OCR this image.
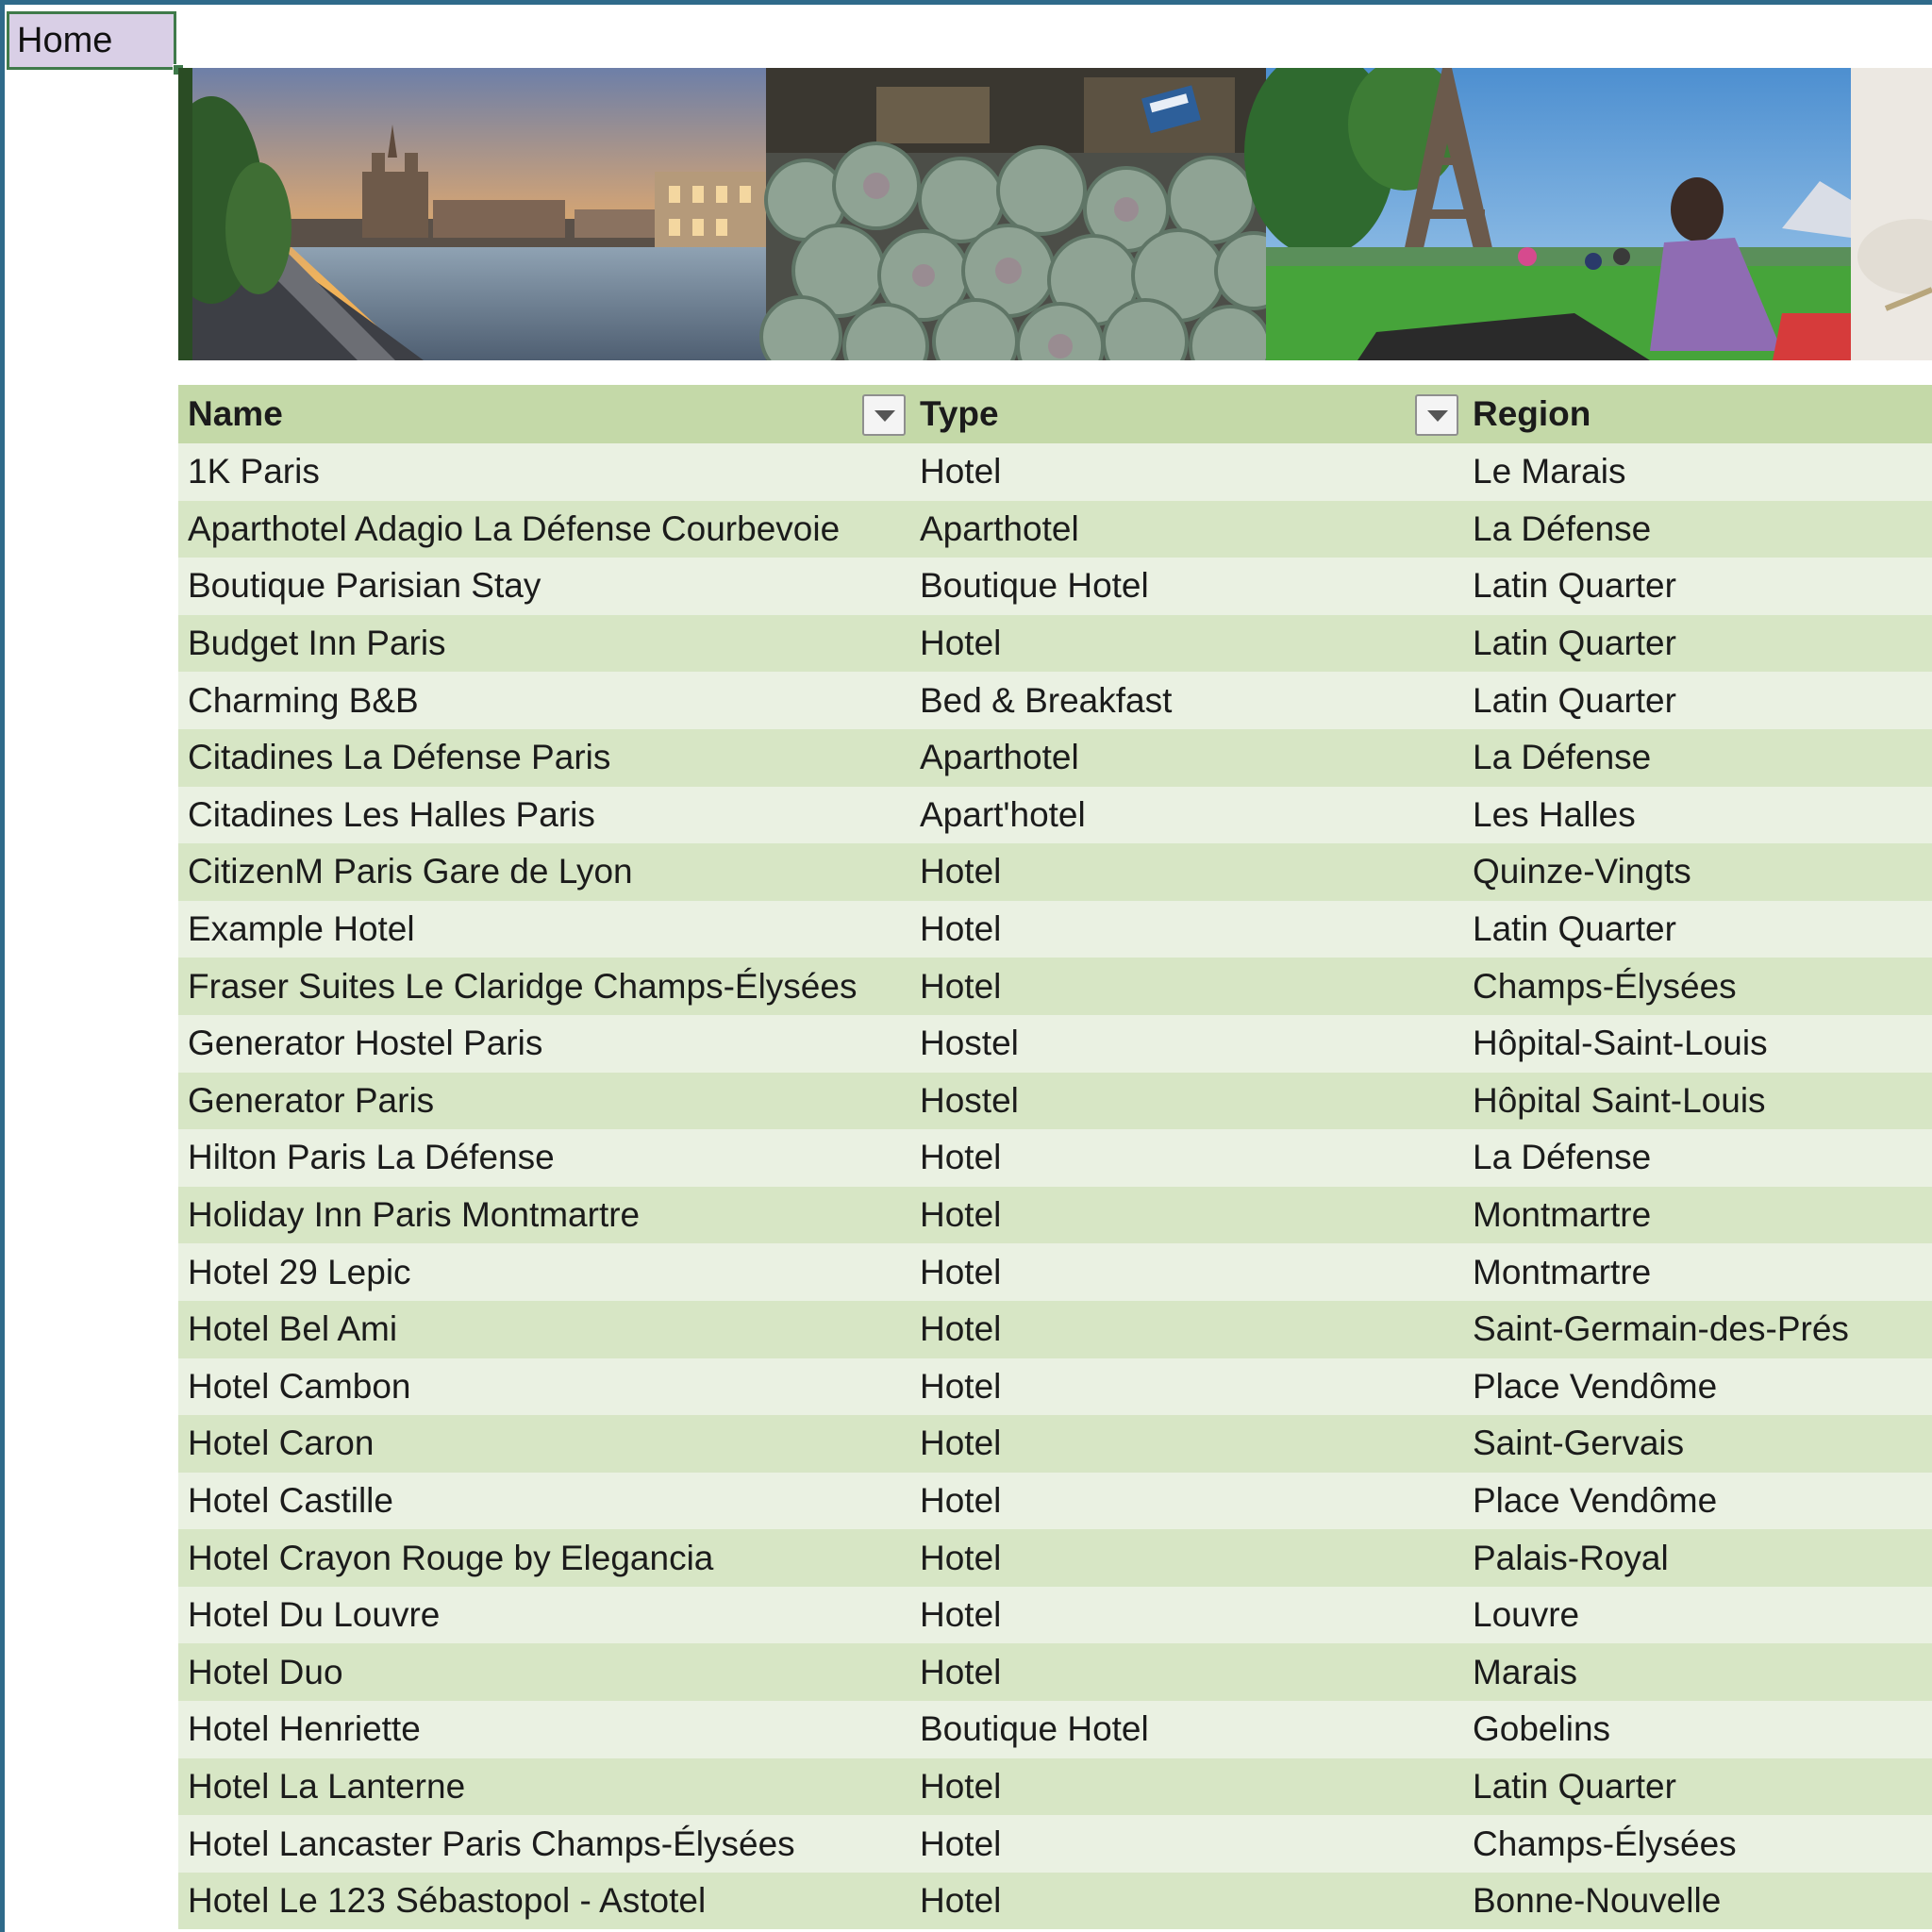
Home
Name	Type	Region
1K Paris	Hotel	Le Marais
Aparthotel Adagio La Défense Courbevoie	Aparthotel	La Défense
Boutique Parisian Stay	Boutique Hotel	Latin Quarter
Budget Inn Paris	Hotel	Latin Quarter
Charming B&B	Bed & Breakfast	Latin Quarter
Citadines La Défense Paris	Aparthotel	La Défense
Citadines Les Halles Paris	Apart'hotel	Les Halles
CitizenM Paris Gare de Lyon	Hotel	Quinze-Vingts
Example Hotel	Hotel	Latin Quarter
Fraser Suites Le Claridge Champs-Élysées	Hotel	Champs-Élysées
Generator Hostel Paris	Hostel	Hôpital-Saint-Louis
Generator Paris	Hostel	Hôpital Saint-Louis
Hilton Paris La Défense	Hotel	La Défense
Holiday Inn Paris Montmartre	Hotel	Montmartre
Hotel 29 Lepic	Hotel	Montmartre
Hotel Bel Ami	Hotel	Saint-Germain-des-Prés
Hotel Cambon	Hotel	Place Vendôme
Hotel Caron	Hotel	Saint-Gervais
Hotel Castille	Hotel	Place Vendôme
Hotel Crayon Rouge by Elegancia	Hotel	Palais-Royal
Hotel Du Louvre	Hotel	Louvre
Hotel Duo	Hotel	Marais
Hotel Henriette	Boutique Hotel	Gobelins
Hotel La Lanterne	Hotel	Latin Quarter
Hotel Lancaster Paris Champs-Élysées	Hotel	Champs-Élysées
Hotel Le 123 Sébastopol - Astotel	Hotel	Bonne-Nouvelle
